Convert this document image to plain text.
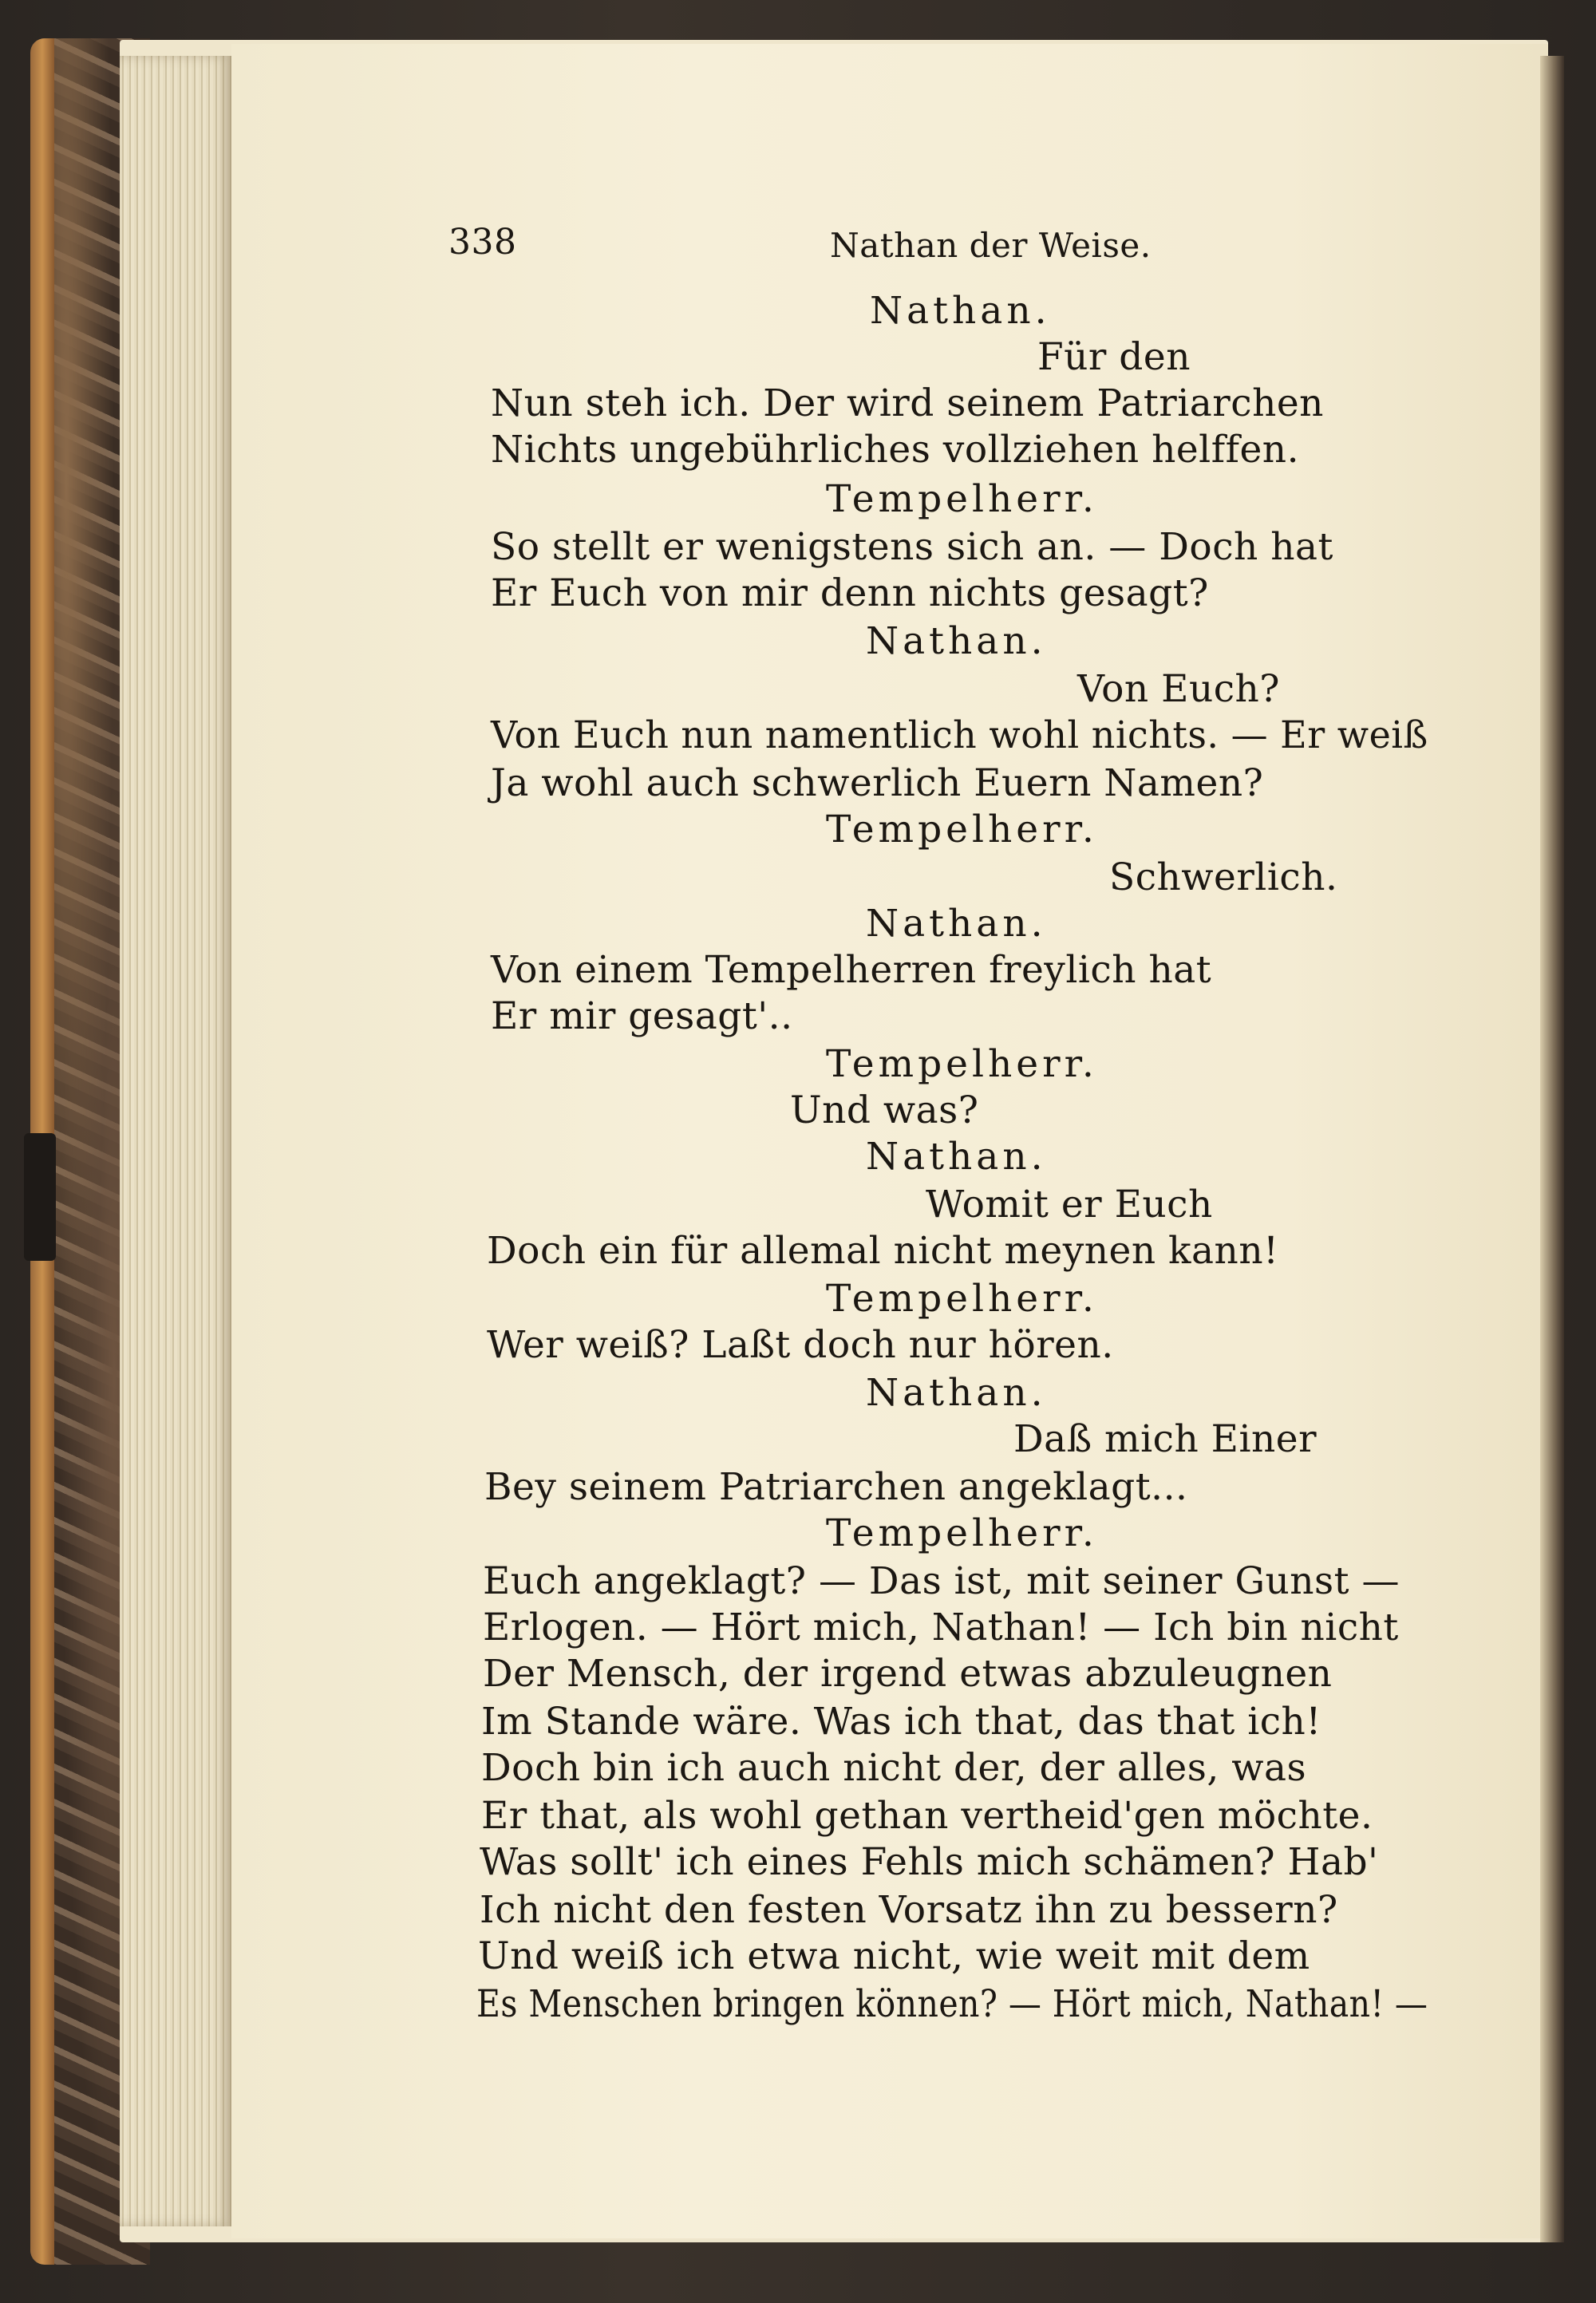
338	Nathan der Weise.
Nathan.
Für den
Nun steh ich. Der wird seinem Patriarchen
Nichts ungebührliches vollziehen helffen.
Tempelherr.
So stellt er wenigstens sich an. — Doch hat
Er Euch von mir denn nichts gesagt?
Nathan.
Von Euch?
Von Euch nun namentlich wohl nichts. — Er weiß
Ja wohl auch schwerlich Euern Namen?
Tempelherr.
Schwerlich.
Nathan.
Von einem Tempelherren freylich hat
Er mir gesagt'..
Tempelherr.
Und was?
Nathan.
Womit er Euch
Doch ein für allemal nicht meynen kann!
Tempelherr.
Wer weiß? Laßt doch nur hören.
Nathan.
Daß mich Einer
Bey seinem Patriarchen angeklagt...
Tempelherr.
Euch angeklagt? — Das ist, mit seiner Gunst —
Erlogen. — Hört mich, Nathan! — Ich bin nicht
Der Mensch, der irgend etwas abzuleugnen
Im Stande wäre. Was ich that, das that ich!
Doch bin ich auch nicht der, der alles, was
Er that, als wohl gethan vertheid'gen möchte.
Was sollt' ich eines Fehls mich schämen? Hab'
Ich nicht den festen Vorsatz ihn zu bessern?
Und weiß ich etwa nicht, wie weit mit dem
Es Menschen bringen können? — Hört mich, Nathan! —
